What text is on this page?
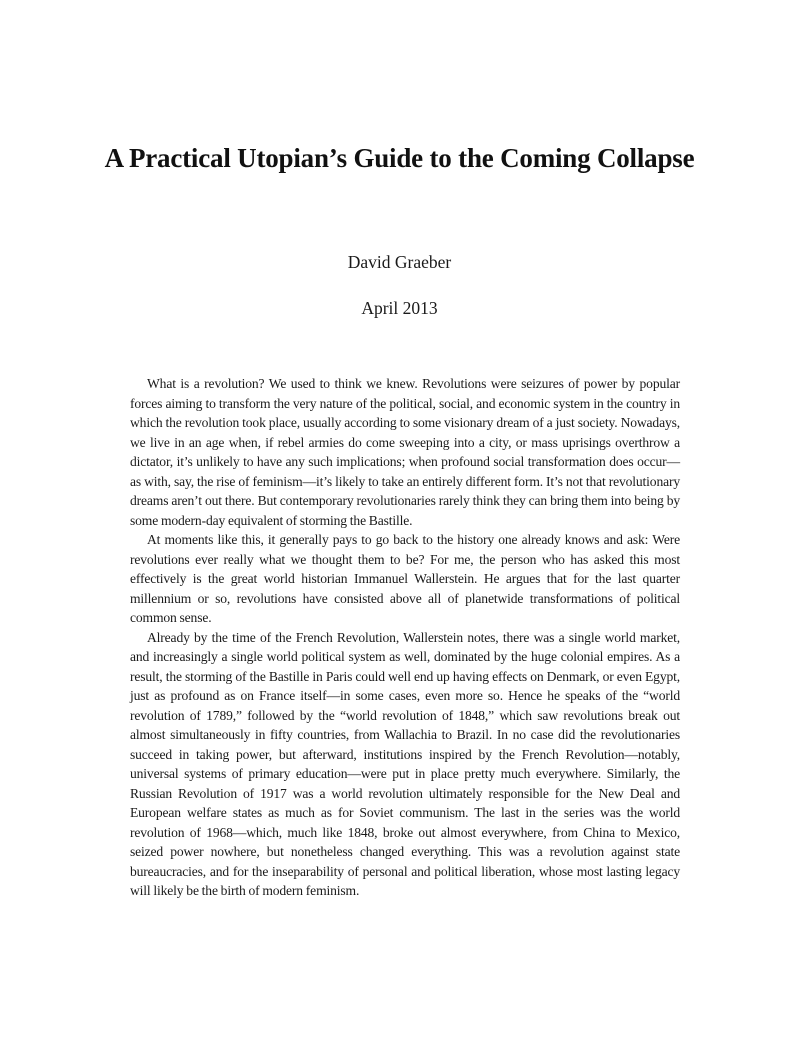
A Practical Utopian’s Guide to the Coming Collapse

David Graeber

April 2013

What is a revolution? We used to think we knew. Revolutions were seizures of power by popular forces aiming to transform the very nature of the political, social, and economic system in the country in which the revolution took place, usually according to some visionary dream of a just society. Nowadays, we live in an age when, if rebel armies do come sweeping into a city, or mass uprisings overthrow a dictator, it’s unlikely to have any such implications; when profound social transformation does occur—as with, say, the rise of feminism—it’s likely to take an entirely different form. It’s not that revolutionary dreams aren’t out there. But contemporary revolutionaries rarely think they can bring them into being by some modern-day equivalent of storming the Bastille.

At moments like this, it generally pays to go back to the history one already knows and ask: Were revolutions ever really what we thought them to be? For me, the person who has asked this most effectively is the great world historian Immanuel Wallerstein. He argues that for the last quarter millennium or so, revolutions have consisted above all of planetwide transformations of political common sense.

Already by the time of the French Revolution, Wallerstein notes, there was a single world market, and increasingly a single world political system as well, dominated by the huge colonial empires. As a result, the storming of the Bastille in Paris could well end up having effects on Denmark, or even Egypt, just as profound as on France itself—in some cases, even more so. Hence he speaks of the “world revolution of 1789,” followed by the “world revolution of 1848,” which saw revolutions break out almost simultaneously in fifty countries, from Wallachia to Brazil. In no case did the revolutionaries succeed in taking power, but afterward, institutions inspired by the French Revolution—notably, universal systems of primary education—were put in place pretty much everywhere. Similarly, the Russian Revolution of 1917 was a world revolution ultimately responsible for the New Deal and European welfare states as much as for Soviet communism. The last in the series was the world revolution of 1968—which, much like 1848, broke out almost everywhere, from China to Mexico, seized power nowhere, but nonetheless changed everything. This was a revolution against state bureaucracies, and for the inseparability of personal and political liberation, whose most lasting legacy will likely be the birth of modern feminism.
